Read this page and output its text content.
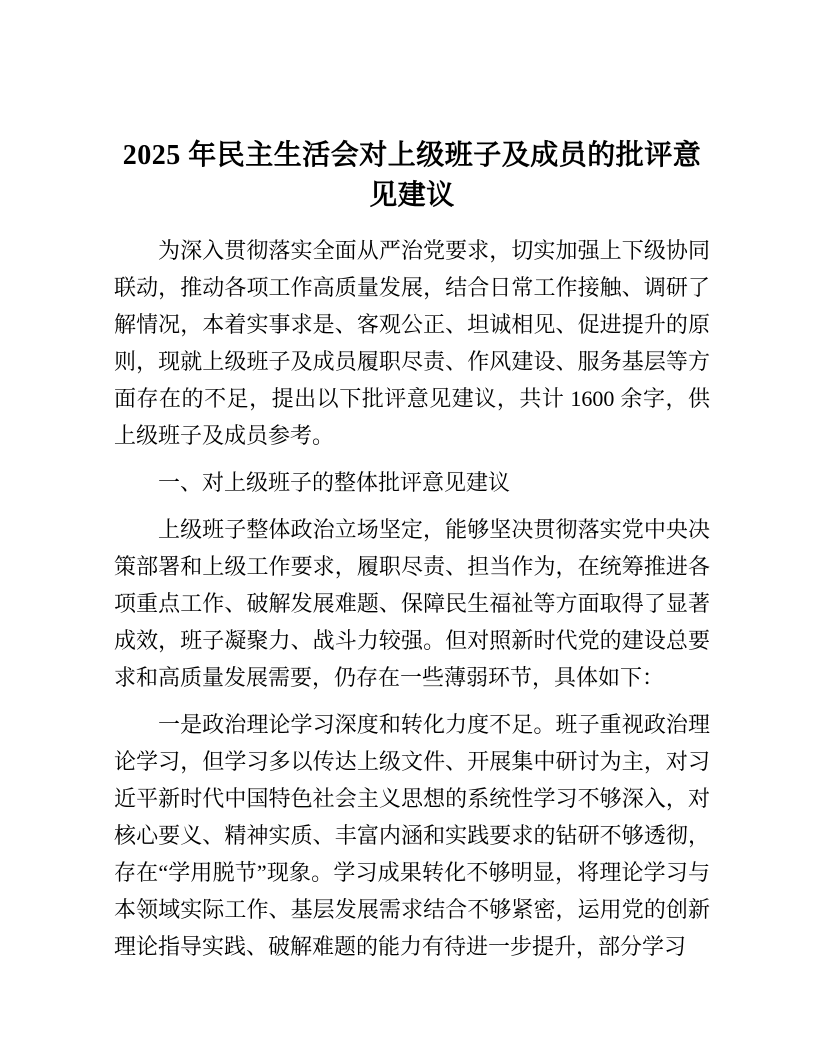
2025 年民主生活会对上级班子及成员的批评意见建议

为深入贯彻落实全面从严治党要求，切实加强上下级协同联动，推动各项工作高质量发展，结合日常工作接触、调研了解情况，本着实事求是、客观公正、坦诚相见、促进提升的原则，现就上级班子及成员履职尽责、作风建设、服务基层等方面存在的不足，提出以下批评意见建议，共计 1600 余字，供上级班子及成员参考。

一、对上级班子的整体批评意见建议

上级班子整体政治立场坚定，能够坚决贯彻落实党中央决策部署和上级工作要求，履职尽责、担当作为，在统筹推进各项重点工作、破解发展难题、保障民生福祉等方面取得了显著成效，班子凝聚力、战斗力较强。但对照新时代党的建设总要求和高质量发展需要，仍存在一些薄弱环节，具体如下：

一是政治理论学习深度和转化力度不足。班子重视政治理论学习，但学习多以传达上级文件、开展集中研讨为主，对习近平新时代中国特色社会主义思想的系统性学习不够深入，对核心要义、精神实质、丰富内涵和实践要求的钻研不够透彻，存在“学用脱节”现象。学习成果转化不够明显，将理论学习与本领域实际工作、基层发展需求结合不够紧密，运用党的创新理论指导实践、破解难题的能力有待进一步提升，部分学习
